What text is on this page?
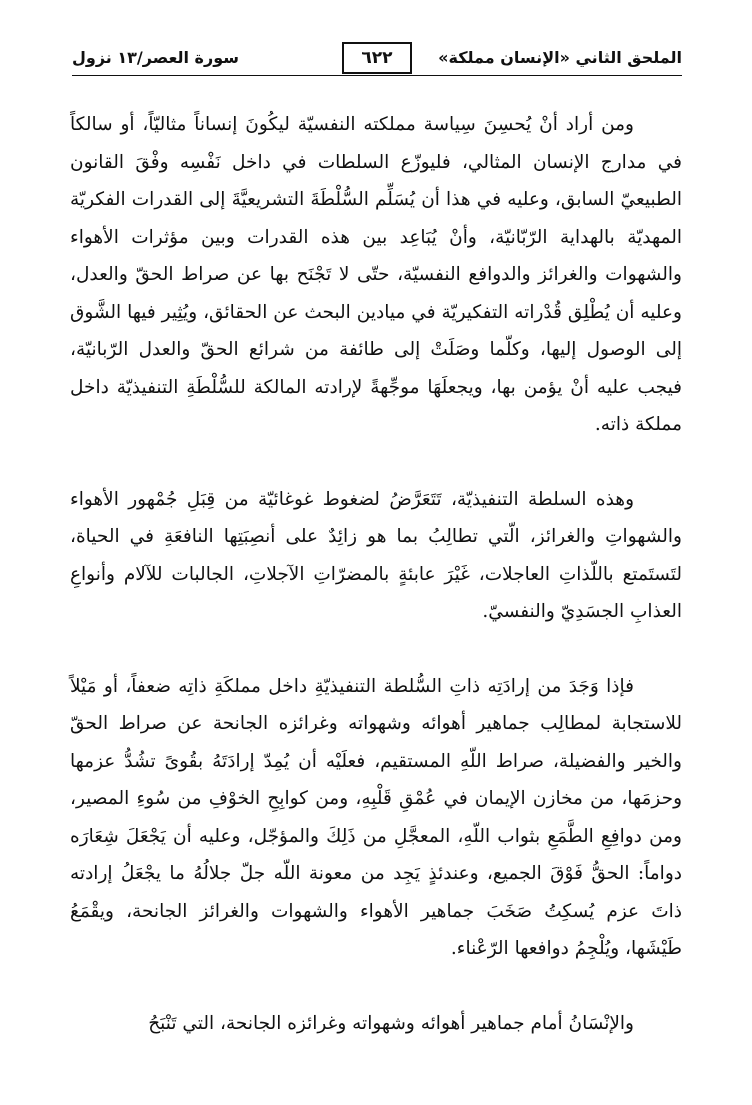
الملحق الثاني «الإنسان مملكة»
٦٢٢
سورة العصر/١٣ نزول

ومن أراد أنْ يُحسِنَ سِياسة مملكته النفسيّة ليكُونَ إنساناً مثاليّاً، أو سالكاً في مدارج الإنسان المثالي، فليوزّع السلطات في داخل نَفْسِه وفْقَ القانون الطبيعيّ السابق، وعليه في هذا أن يُسَلِّم السُّلْطَةَ التشريعيَّةَ إلى القدرات الفكريّة المهديّة بالهداية الرّبّانيّة، وأنْ يُبَاعِد بين هذه القدرات وبين مؤثرات الأهواء والشهوات والغرائز والدوافع النفسيّة، حتّى لا تَجْنَح بها عن صراط الحقّ والعدل، وعليه أن يُطْلِق قُدْراته التفكيريّة في ميادين البحث عن الحقائق، ويُثِير فيها الشَّوق إلى الوصول إليها، وكلّما وصَلَتْ إلى طائفة من شرائع الحقّ والعدل الرّبانيّة، فيجب عليه أنْ يؤمن بها، ويجعلَهَا موجِّهةً لإرادته المالكة للسُّلْطَةِ التنفيذيّة داخل مملكة ذاته.

وهذه السلطة التنفيذيّة، تَتَعَرَّضُ لضغوط غوغائيّة من قِبَلِ جُمْهور الأهواء والشهواتِ والغرائز، الّتي تطالِبُ بما هو زائِدٌ على أنصِبَتِها النافعَةِ في الحياة، لتَستَمتع باللّذاتِ العاجلات، غَيْرَ عابئةٍ بالمضرّاتِ الآجلاتِ، الجالبات للآلام وأنواعِ العذابِ الجسَدِيّ والنفسيّ.

فإذا وَجَدَ من إرادَتِه ذاتِ السُّلطة التنفيذيّةِ داخل مملكَةِ ذاتِه ضعفاً، أو مَيْلاً للاستجابة لمطالِب جماهير أهوائه وشهواته وغرائزه الجانحة عن صراط الحقّ والخير والفضيلة، صراط اللّهِ المستقيم، فعلَيْه أن يُمِدّ إرادَتَهُ بقُوىً تشُدُّ عزمها وحزمَها، من مخازن الإيمان في عُمْقِ قَلْبِهِ، ومن كوابِحِ الخوْفِ من سُوءِ المصير، ومن دوافِعِ الطَّمَعِ بثواب اللّهِ، المعجَّلِ من ذَلِكَ والمؤجّل، وعليه أن يَجْعَلَ شِعَارَه دواماً: الحقُّ فَوْقَ الجميع، وعندئذٍ يَجِد من معونة اللّه جلّ جلالُهُ ما يجْعَلُ إرادته ذاتَ عزم يُسكِتُ صَخَبَ جماهير الأهواء والشهوات والغرائز الجانحة، ويقْمَعُ طَيْشَها، ويُلْجِمُ دوافعها الرّعْناء.

والإنْسَانُ أمام جماهير أهوائه وشهواته وغرائزه الجانحة، التي تَنْبَحُ
